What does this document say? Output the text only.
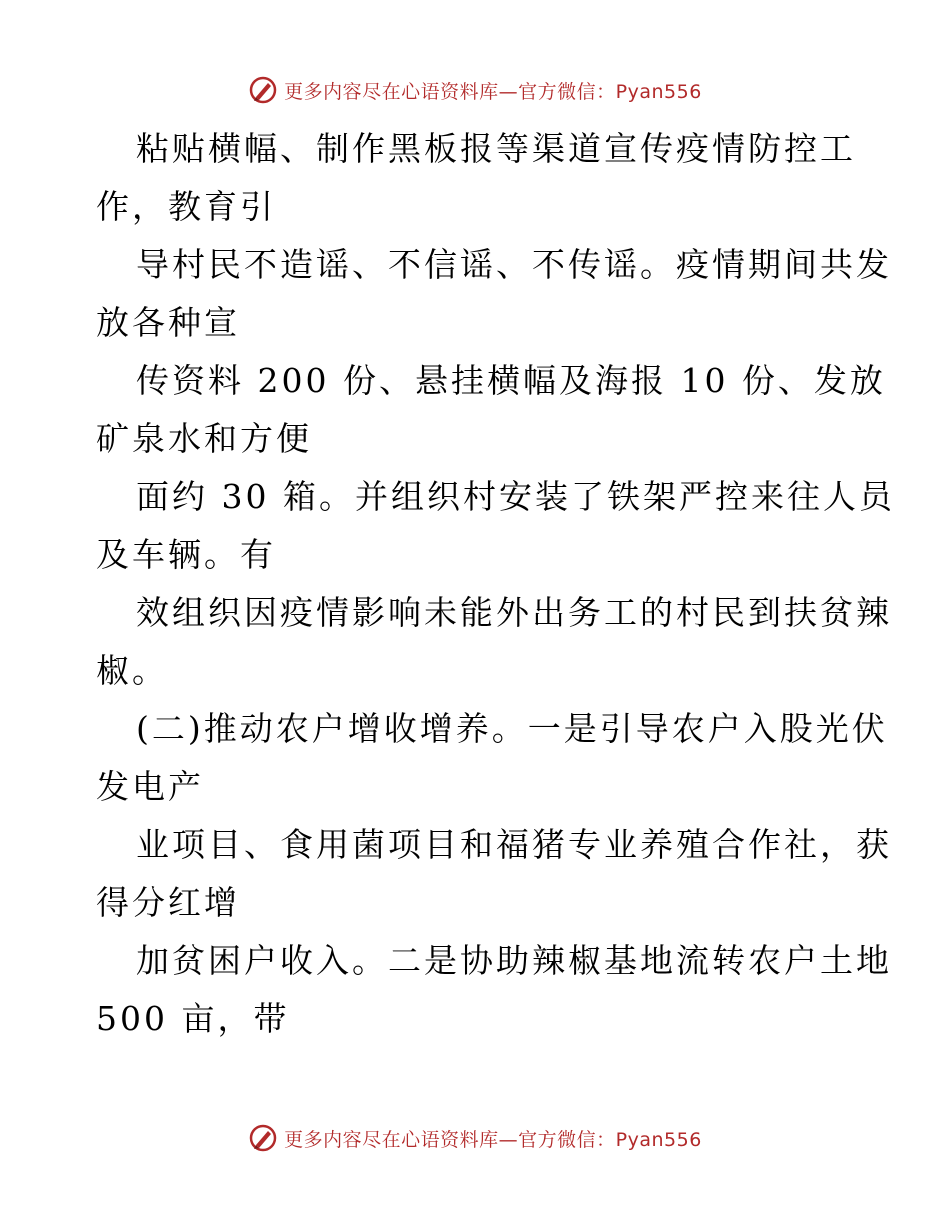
更多内容尽在心语资料库—官方微信：Pyan556
粘贴横幅、制作黑板报等渠道宣传疫情防控工
作，教育引
导村民不造谣、不信谣、不传谣。疫情期间共发
放各种宣
传资料 200 份、悬挂横幅及海报 10 份、发放
矿泉水和方便
面约 30 箱。并组织村安装了铁架严控来往人员
及车辆。有
效组织因疫情影响未能外出务工的村民到扶贫辣
椒。
(二)推动农户增收增养。一是引导农户入股光伏
发电产
业项目、食用菌项目和福猪专业养殖合作社，获
得分红增
加贫困户收入。二是协助辣椒基地流转农户土地
500 亩，带
更多内容尽在心语资料库—官方微信：Pyan556
